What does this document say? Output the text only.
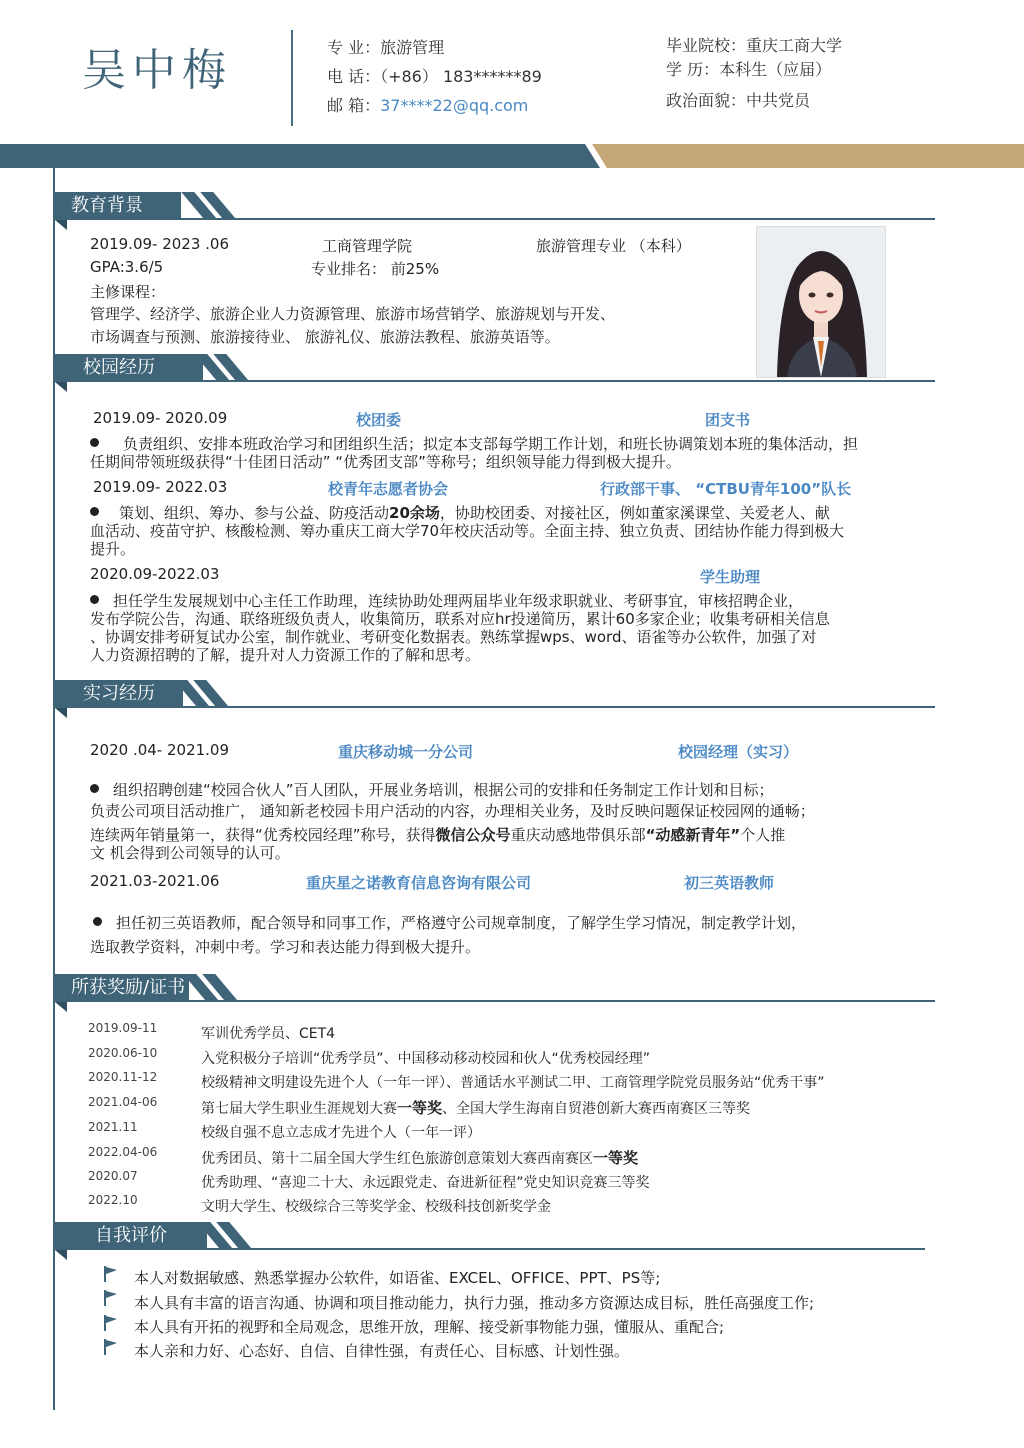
吴中梅	专 业：旅游管理
电 话：（+86） 183******89
邮 箱：37****22@qq.com
毕业院校：重庆工商大学
学 历：本科生（应届）
政治面貌：中共党员
教育背景
2019.09- 2023 .06	工商管理学院	旅游管理专业 （本科）
GPA:3.6/5	专业排名： 前25%
主修课程：
管理学、经济学、旅游企业人力资源管理、旅游市场营销学、旅游规划与开发、
市场调查与预测、旅游接待业、 旅游礼仪、旅游法教程、旅游英语等。
校园经历
2019.09- 2020.09	校团委	团支书
负责组织、安排本班政治学习和团组织生活；拟定本支部每学期工作计划，和班长协调策划本班的集体活动，担
任期间带领班级获得“十佳团日活动” “优秀团支部”等称号；组织领导能力得到极大提升。
2019.09- 2022.03	校青年志愿者协会	行政部干事、 “CTBU青年100”队长
策划、组织、筹办、参与公益、防疫活动20余场，协助校团委、对接社区，例如董家溪课堂、关爱老人、献
血活动、疫苗守护、核酸检测、筹办重庆工商大学70年校庆活动等。全面主持、独立负责、团结协作能力得到极大
提升。
2020.09-2022.03	学生助理
担任学生发展规划中心主任工作助理，连续协助处理两届毕业年级求职就业、考研事宜，审核招聘企业，
发布学院公告，沟通、联络班级负责人，收集简历，联系对应hr投递简历，累计60多家企业；收集考研相关信息
、协调安排考研复试办公室，制作就业、考研变化数据表。熟练掌握wps、word、语雀等办公软件，加强了对
人力资源招聘的了解，提升对人力资源工作的了解和思考。
实习经历
2020 .04- 2021.09	重庆移动城一分公司	校园经理（实习）
组织招聘创建“校园合伙人”百人团队，开展业务培训，根据公司的安排和任务制定工作计划和目标；
负责公司项目活动推广， 通知新老校园卡用户活动的内容，办理相关业务，及时反映问题保证校园网的通畅；
连续两年销量第一，获得“优秀校园经理”称号，获得微信公众号重庆动感地带俱乐部“动感新青年”个人推
文 机会得到公司领导的认可。
2021.03-2021.06	重庆星之诺教育信息咨询有限公司	初三英语教师
担任初三英语教师，配合领导和同事工作，严格遵守公司规章制度，了解学生学习情况，制定教学计划，
选取教学资料，冲刺中考。学习和表达能力得到极大提升。
所获奖励/证书
2019.09-11	军训优秀学员、CET4
2020.06-10	入党积极分子培训“优秀学员”、中国移动移动校园和伙人“优秀校园经理”
2020.11-12	校级精神文明建设先进个人（一年一评）、普通话水平测试二甲、工商管理学院党员服务站“优秀干事”
2021.04-06	第七届大学生职业生涯规划大赛一等奖、全国大学生海南自贸港创新大赛西南赛区三等奖
2021.11	校级自强不息立志成才先进个人（一年一评）
2022.04-06	优秀团员、第十二届全国大学生红色旅游创意策划大赛西南赛区一等奖
2020.07	优秀助理、“喜迎二十大、永远跟党走、奋进新征程”党史知识竞赛三等奖
2022.10	文明大学生、校级综合三等奖学金、校级科技创新奖学金
自我评价
本人对数据敏感、熟悉掌握办公软件，如语雀、EXCEL、OFFICE、PPT、PS等;
本人具有丰富的语言沟通、协调和项目推动能力，执行力强，推动多方资源达成目标，胜任高强度工作;
本人具有开拓的视野和全局观念，思维开放，理解、接受新事物能力强，懂服从、重配合;
本人亲和力好、心态好、自信、自律性强，有责任心、目标感、计划性强。
